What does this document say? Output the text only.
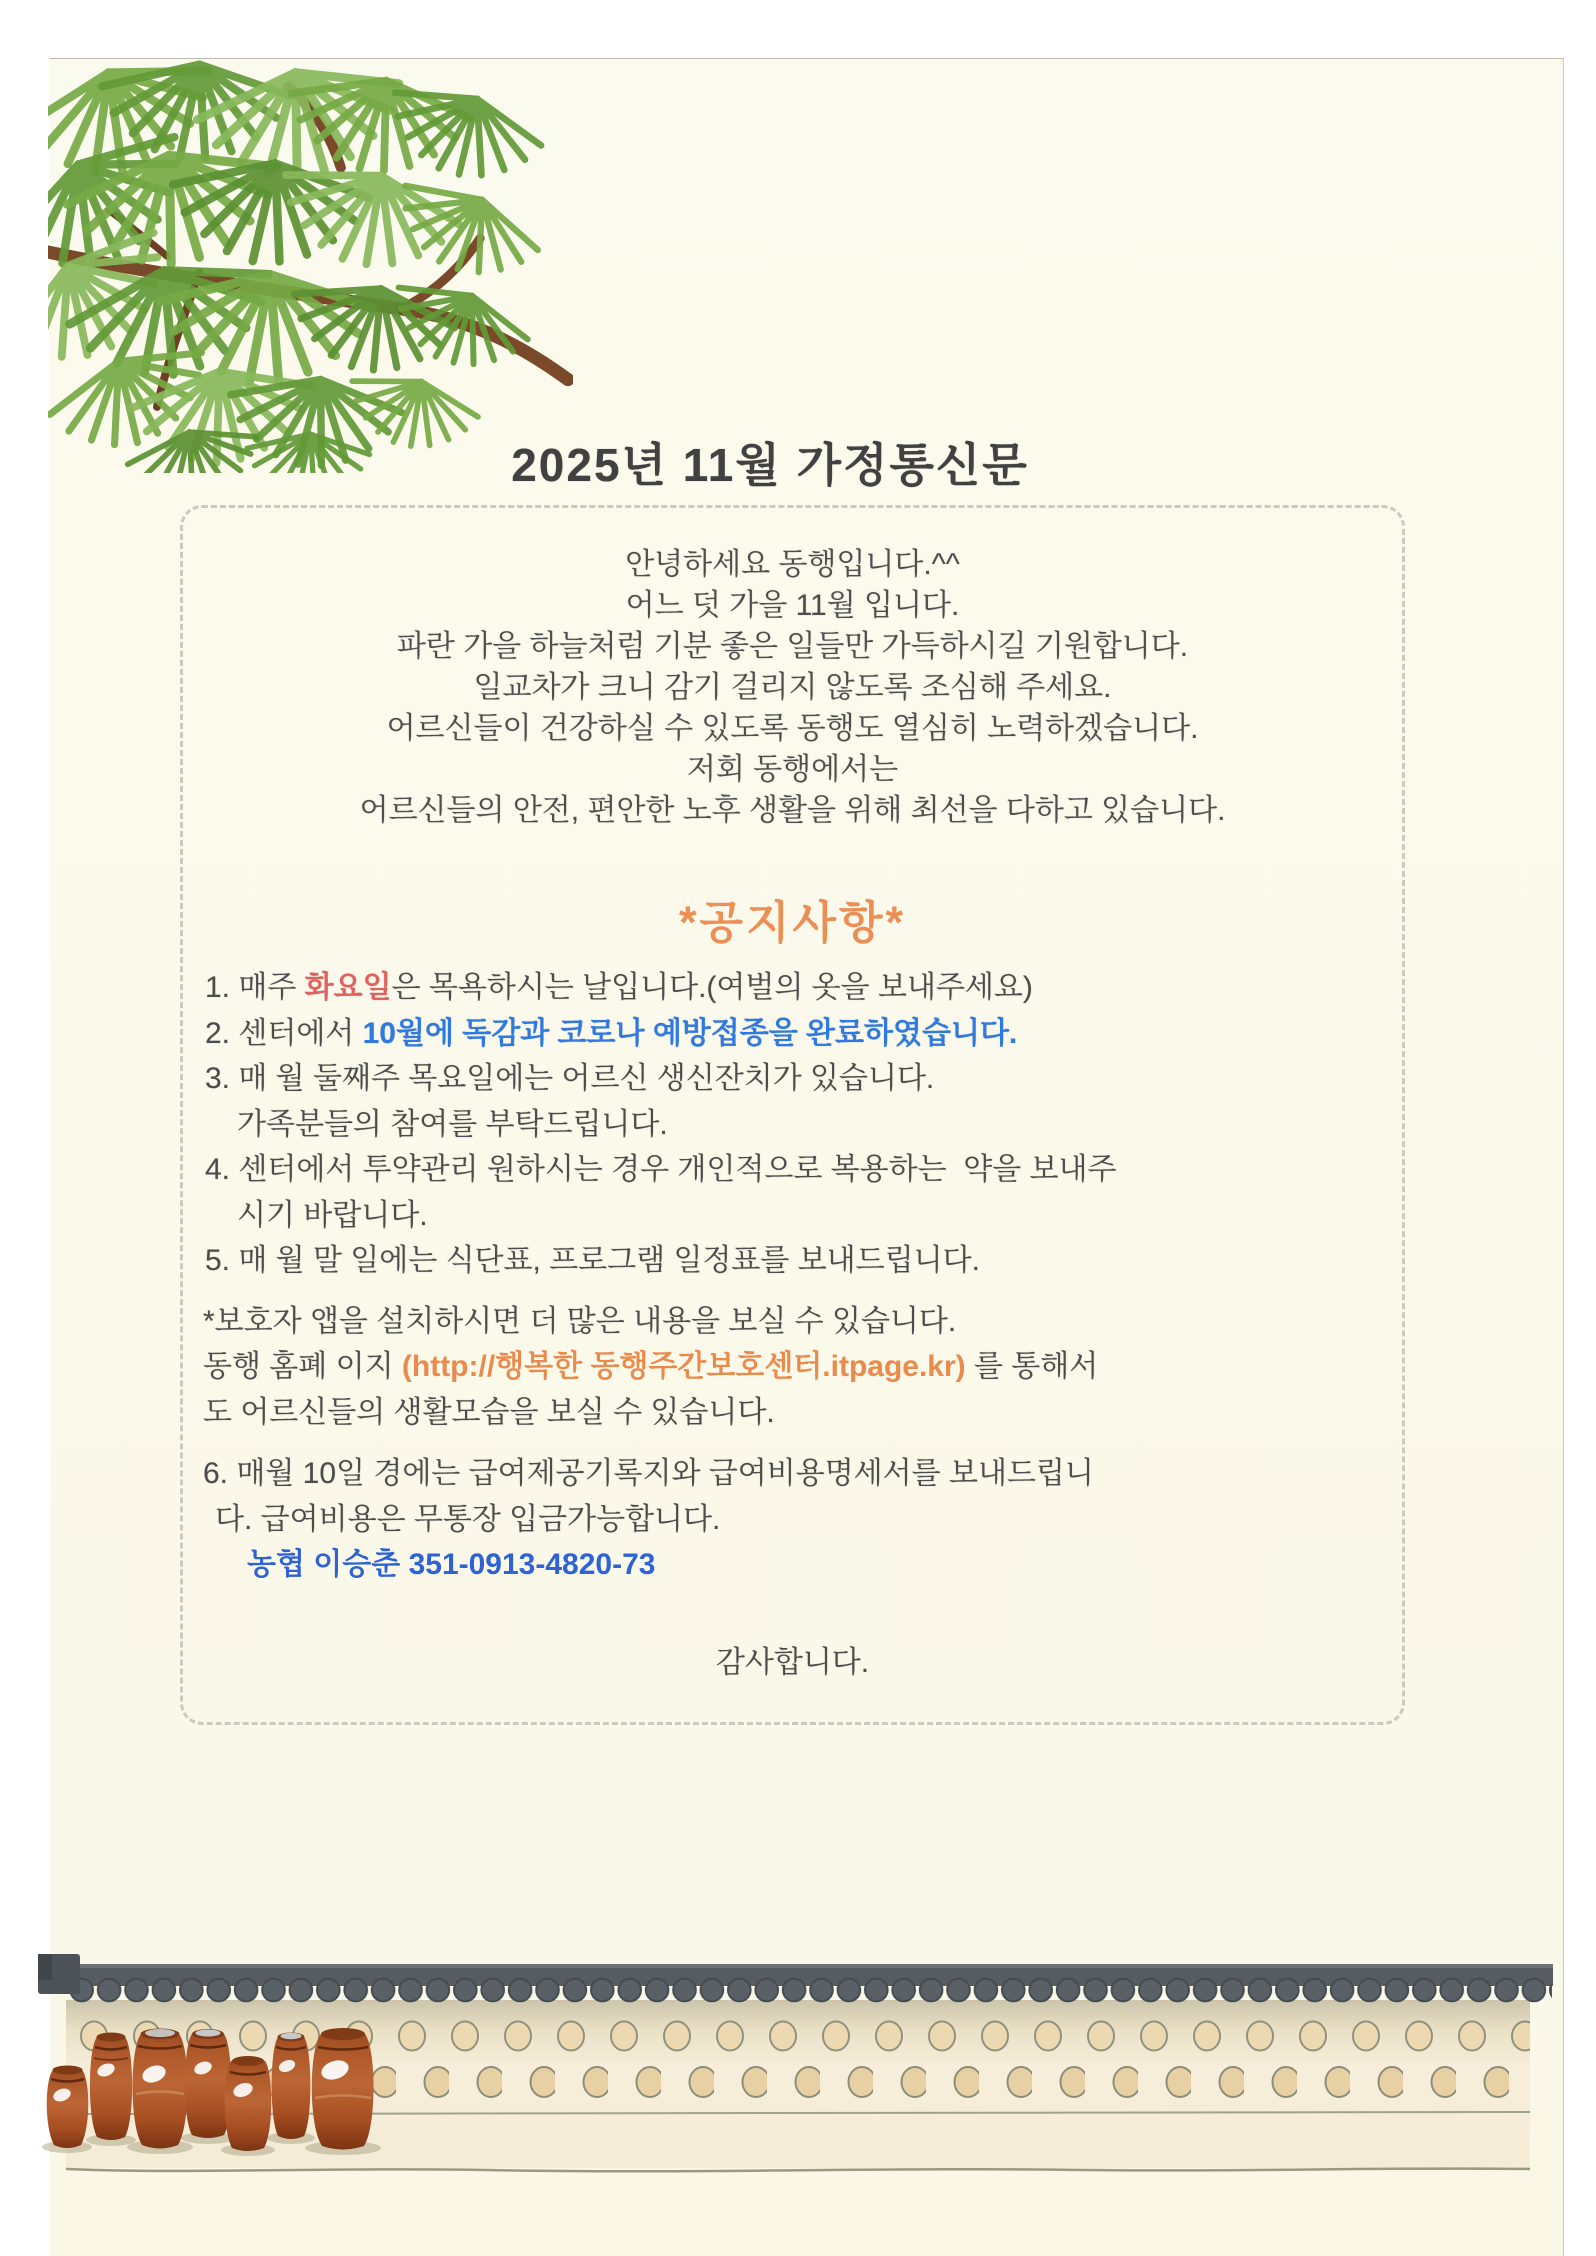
2025년 11월 가정통신문
안녕하세요 동행입니다.^^
어느 덧 가을 11월 입니다.
파란 가을 하늘처럼 기분 좋은 일들만 가득하시길 기원합니다.
일교차가 크니 감기 걸리지 않도록 조심해 주세요.
어르신들이 건강하실 수 있도록 동행도 열심히 노력하겠습니다.
저회 동행에서는
어르신들의 안전, 편안한 노후 생활을 위해 최선을 다하고 있습니다.
*공지사항*
1. 매주 화요일은 목욕하시는 날입니다.(여벌의 옷을 보내주세요)
2. 센터에서 10월에 독감과 코로나 예방접종을 완료하였습니다.
3. 매 월 둘째주 목요일에는 어르신 생신잔치가 있습니다.
가족분들의 참여를 부탁드립니다.
4. 센터에서 투약관리 원하시는 경우 개인적으로 복용하는  약을 보내주
시기 바랍니다.
5. 매 월 말 일에는 식단표, 프로그램 일정표를 보내드립니다.
*보호자 앱을 설치하시면 더 많은 내용을 보실 수 있습니다.
동행 홈폐 이지 (http://행복한 동행주간보호센터.itpage.kr) 를 통해서
도 어르신들의 생활모습을 보실 수 있습니다.
6. 매월 10일 경에는 급여제공기록지와 급여비용명세서를 보내드립니
다. 급여비용은 무통장 입금가능합니다.
농협 이승춘 351-0913-4820-73
감사합니다.
